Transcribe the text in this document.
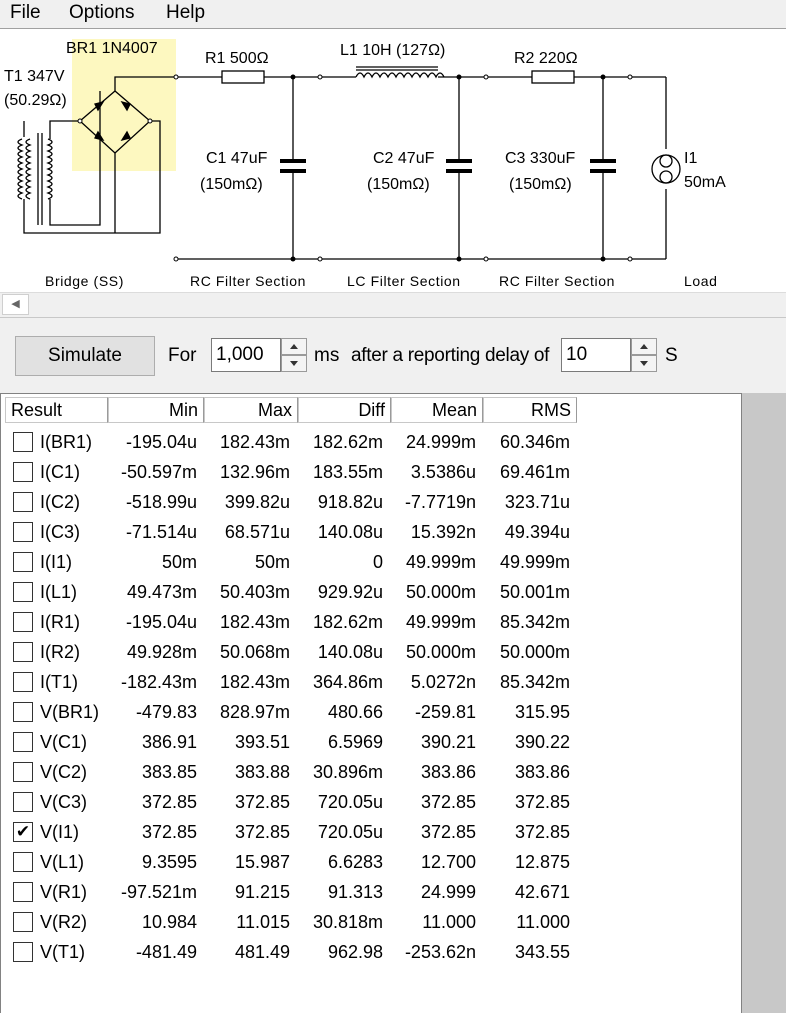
File Options Help
T1 347V
(50.29Ω)
BR1 1N4007
R1 500Ω	L1 10H (127Ω)	R2 220Ω
C1 47uF
(150mΩ)
C2 47uF
(150mΩ)
C3 330uF
(150mΩ)
I1
50mA
Bridge (SS)	RC Filter Section	LC Filter Section	RC Filter Section	Load
◀
Simulate	For
1,000	ms after a reporting delay of
10	S
Result	Min	Max	Diff	Mean	RMS
I(BR1) -195.04u 182.43m 182.62m 24.999m 60.346m
I(C1) -50.597m 132.96m 183.55m 3.5386u 69.461m
I(C2)	-518.99u 399.82u 918.82u -7.7719n 323.71u
I(C3)	-71.514u 68.571u 140.08u 15.392n 49.394u
I(I1)	50m	50m	0 49.999m 49.999m
I(L1)	49.473m 50.403m 929.92u 50.000m 50.001m
I(R1)	-195.04u 182.43m 182.62m 49.999m 85.342m
I(R2)	49.928m 50.068m 140.08u 50.000m 50.000m
I(T1) -182.43m 182.43m 364.86m 5.0272n 85.342m
V(BR1) -479.83 828.97m 480.66 -259.81 315.95
V(C1)	386.91 393.51 6.5969 390.21 390.22
V(C2)	383.85 383.88 30.896m 383.86 383.86
V(C3)	372.85 372.85 720.05u 372.85 372.85
✔ V(I1)	372.85 372.85 720.05u 372.85 372.85
V(L1)	9.3595 15.987 6.6283 12.700 12.875
V(R1) -97.521m 91.215 91.313 24.999 42.671
V(R2)	10.984 11.015 30.818m 11.000 11.000
V(T1)	-481.49 481.49 962.98 -253.62n 343.55
